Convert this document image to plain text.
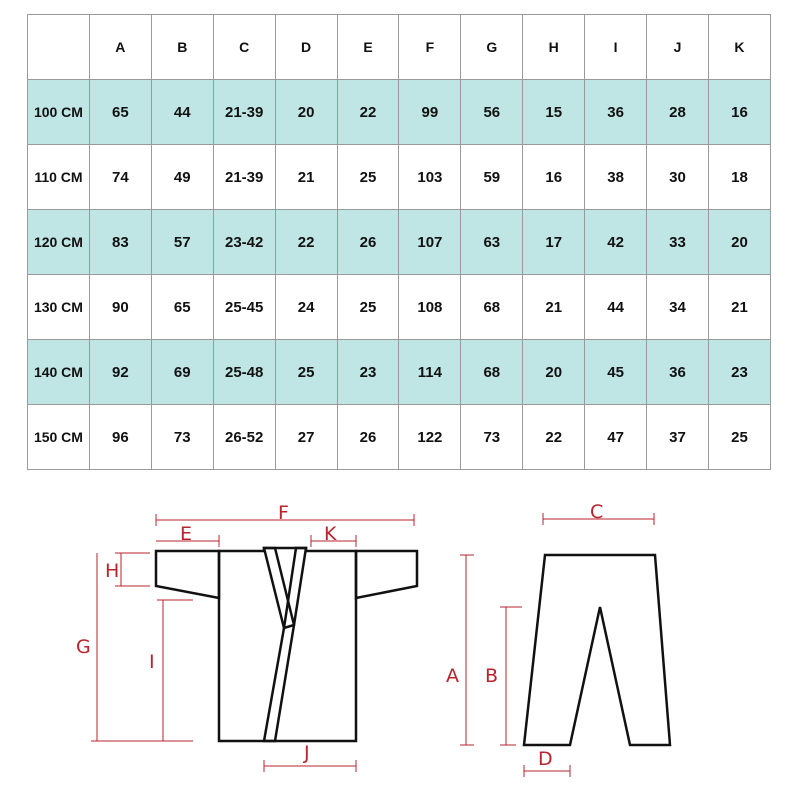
	A	B	C	D	E	F	G	H	I	J	K
100 CM	65	44	21-39	20	22	99	56	15	36	28	16
110 CM	74	49	21-39	21	25	103	59	16	38	30	18
120 CM	83	57	23-42	22	26	107	63	17	42	33	20
130 CM	90	65	25-45	24	25	108	68	21	44	34	21
140 CM	92	69	25-48	25	23	114	68	20	45	36	23
150 CM	96	73	26-52	27	26	122	73	22	47	37	25
F
E	K
H
G
I
J
C
A B
D
